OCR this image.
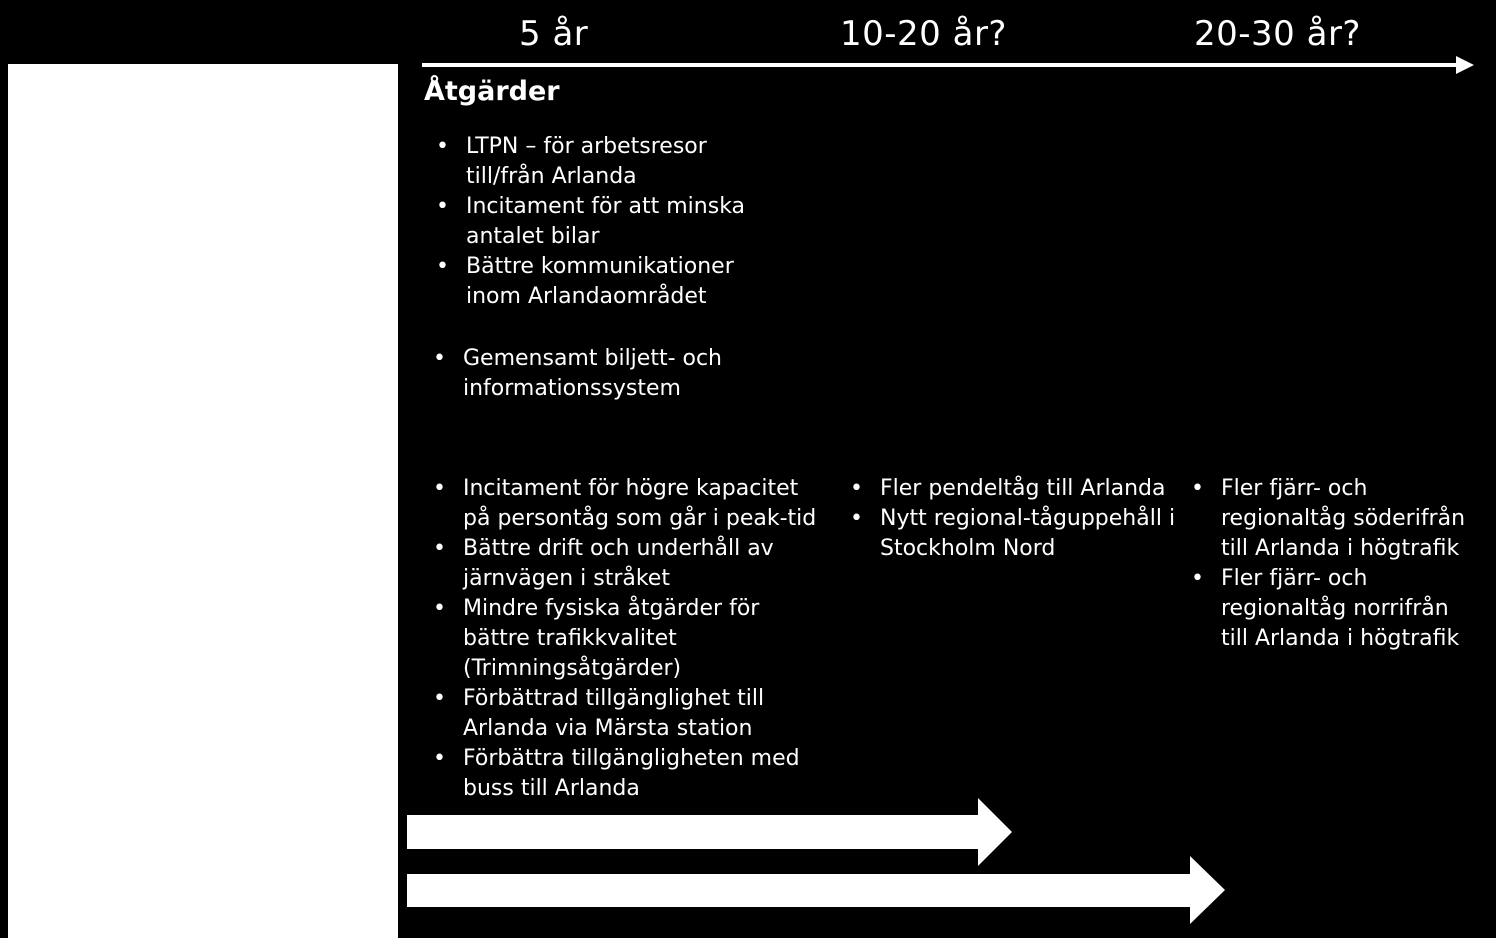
5 år	10-20 år?	20-30 år?
Åtgärder
• LTPN – för arbetsresor
till/från Arlanda
• Incitament för att minska
antalet bilar
• Bättre kommunikationer
inom Arlandaområdet
• Gemensamt biljett- och
informationssystem
• Incitament för högre kapacitet
på persontåg som går i peak-tid
• Bättre drift och underhåll av
järnvägen i stråket
• Mindre fysiska åtgärder för
bättre trafikkvalitet
(Trimningsåtgärder)
• Förbättrad tillgänglighet till
Arlanda via Märsta station
• Förbättra tillgängligheten med
buss till Arlanda
• Fler pendeltåg till Arlanda
• Nytt regional-tåguppehåll i
Stockholm Nord
• Fler fjärr- och
regionaltåg söderifrån
till Arlanda i högtrafik
• Fler fjärr- och
regionaltåg norrifrån
till Arlanda i högtrafik
